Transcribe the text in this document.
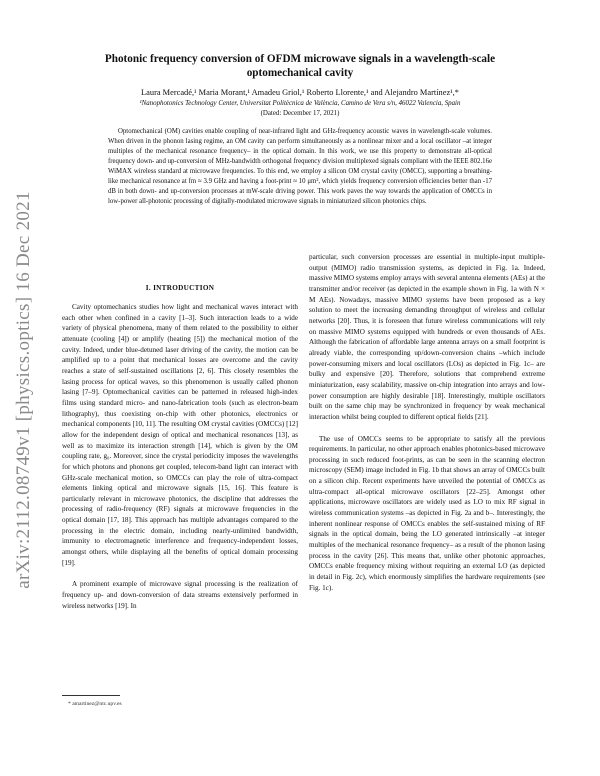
arXiv:2112.08749v1 [physics.optics] 16 Dec 2021
Photonic frequency conversion of OFDM microwave signals in a wavelength-scale optomechanical cavity
Laura Mercadé,¹ Maria Morant,¹ Amadeu Griol,¹ Roberto Llorente,¹ and Alejandro Martínez¹,*
¹Nanophotonics Technology Center, Universitat Politècnica de València, Camino de Vera s/n, 46022 Valencia, Spain
(Dated: December 17, 2021)
Optomechanical (OM) cavities enable coupling of near-infrared light and GHz-frequency acoustic waves in wavelength-scale volumes. When driven in the phonon lasing regime, an OM cavity can perform simultaneously as a nonlinear mixer and a local oscillator –at integer multiples of the mechanical resonance frequency– in the optical domain. In this work, we use this property to demonstrate all-optical frequency down- and up-conversion of MHz-bandwidth orthogonal frequency division multiplexed signals compliant with the IEEE 802.16e WiMAX wireless standard at microwave frequencies. To this end, we employ a silicon OM crystal cavity (OMCC), supporting a breathing-like mechanical resonance at fm ≈ 3.9 GHz and having a foot-print ≈ 10 μm², which yields frequency conversion efficiencies better than -17 dB in both down- and up-conversion processes at mW-scale driving power. This work paves the way towards the application of OMCCs in low-power all-photonic processing of digitally-modulated microwave signals in miniaturized silicon photonics chips.
I. INTRODUCTION

Cavity optomechanics studies how light and mechanical waves interact with each other when confined in a cavity [1–3]. Such interaction leads to a wide variety of physical phenomena, many of them related to the possibility to either attenuate (cooling [4]) or amplify (heating [5]) the mechanical motion of the cavity. Indeed, under blue-detuned laser driving of the cavity, the motion can be amplified up to a point that mechanical losses are overcome and the cavity reaches a state of self-sustained oscillations [2, 6]. This closely resembles the lasing process for optical waves, so this phenomenon is usually called phonon lasing [7–9]. Optomechanical cavities can be patterned in released high-index films using standard micro- and nano-fabrication tools (such as electron-beam lithography), thus coexisting on-chip with other photonics, electronics or mechanical components [10, 11]. The resulting OM crystal cavities (OMCCs) [12] allow for the independent design of optical and mechanical resonances [13], as well as to maximize its interaction strength [14], which is given by the OM coupling rate, g₀. Moreover, since the crystal periodicity imposes the wavelengths for which photons and phonons get coupled, telecom-band light can interact with GHz-scale mechanical motion, so OMCCs can play the role of ultra-compact elements linking optical and microwave signals [15, 16]. This feature is particularly relevant in microwave photonics, the discipline that addresses the processing of radio-frequency (RF) signals at microwave frequencies in the optical domain [17, 18]. This approach has multiple advantages compared to the processing in the electric domain, including nearly-unlimited bandwidth, immunity to electromagnetic interference and frequency-independent losses, amongst others, while displaying all the benefits of optical domain processing [19].

A prominent example of microwave signal processing is the realization of frequency up- and down-conversion of data streams extensively performed in wireless networks [19]. In

particular, such conversion processes are essential in multiple-input multiple-output (MIMO) radio transmission systems, as depicted in Fig. 1a. Indeed, massive MIMO systems employ arrays with several antenna elements (AEs) at the transmitter and/or receiver (as depicted in the example shown in Fig. 1a with N × M AEs). Nowadays, massive MIMO systems have been proposed as a key solution to meet the increasing demanding throughput of wireless and cellular networks [20]. Thus, it is foreseen that future wireless communications will rely on massive MIMO systems equipped with hundreds or even thousands of AEs. Although the fabrication of affordable large antenna arrays on a small footprint is already viable, the corresponding up/down-conversion chains –which include power-consuming mixers and local oscillators (LOs) as depicted in Fig. 1c– are bulky and expensive [20]. Therefore, solutions that comprehend extreme miniaturization, easy scalability, massive on-chip integration into arrays and low-power consumption are highly desirable [18]. Interestingly, multiple oscillators built on the same chip may be synchronized in frequency by weak mechanical interaction whilst being coupled to different optical fields [21].

The use of OMCCs seems to be appropriate to satisfy all the previous requirements. In particular, no other approach enables photonics-based microwave processing in such reduced foot-prints, as can be seen in the scanning electron microscopy (SEM) image included in Fig. 1b that shows an array of OMCCs built on a silicon chip. Recent experiments have unveiled the potential of OMCCs as ultra-compact all-optical microwave oscillators [22–25]. Amongst other applications, microwave oscillators are widely used as LO to mix RF signal in wireless communication systems –as depicted in Fig. 2a and b–. Interestingly, the inherent nonlinear response of OMCCs enables the self-sustained mixing of RF signals in the optical domain, being the LO generated intrinsically –at integer multiples of the mechanical resonance frequency– as a result of the phonon lasing process in the cavity [26]. This means that, unlike other photonic approaches, OMCCs enable frequency mixing without requiring an external LO (as depicted in detail in Fig. 2c), which enormously simplifies the hardware requirements (see Fig. 1c).

* amartinez@ntc.upv.es
